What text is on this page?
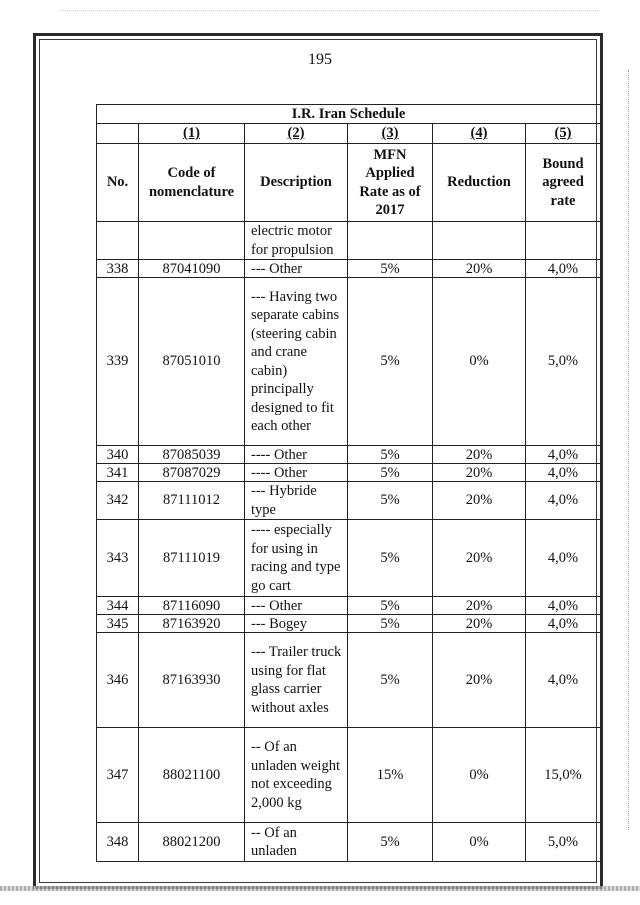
195
I.R. Iran Schedule					
	(1)	(2)	(3)	(4)	(5)
No.	Code of nomenclature	Description	MFN Applied Rate as of 2017	Reduction	Bound agreed rate
		electric motor for propulsion			
338	87041090	--- Other	5%	20%	4,0%
339	87051010	--- Having two separate cabins (steering cabin and crane cabin) principally designed to fit each other	5%	0%	5,0%
340	87085039	---- Other	5%	20%	4,0%
341	87087029	---- Other	5%	20%	4,0%
342	87111012	--- Hybride type	5%	20%	4,0%
343	87111019	---- especially for using in racing and type go cart	5%	20%	4,0%
344	87116090	--- Other	5%	20%	4,0%
345	87163920	--- Bogey	5%	20%	4,0%
346	87163930	--- Trailer truck using for flat glass carrier without axles	5%	20%	4,0%
347	88021100	-- Of an unladen weight not exceeding 2,000 kg	15%	0%	15,0%
348	88021200	-- Of an unladen	5%	0%	5,0%
